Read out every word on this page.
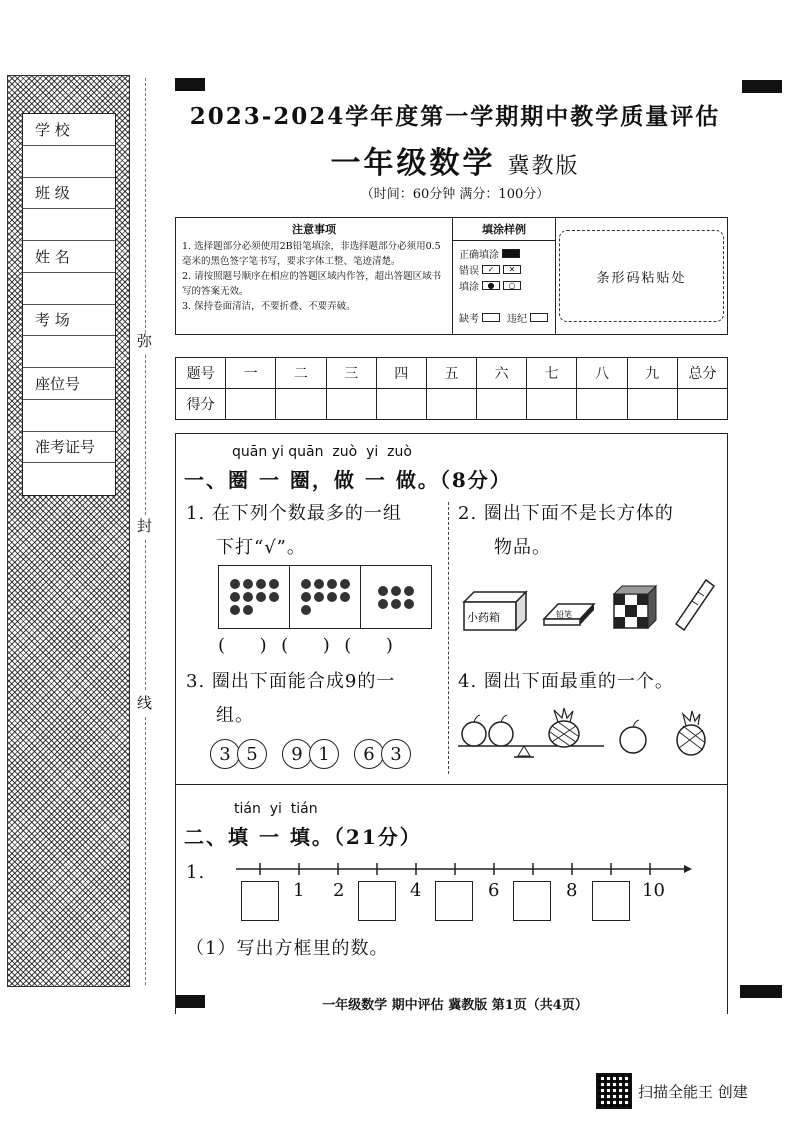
学 校
班 级
姓 名
考 场
座位号
准考证号
弥
封
线
2023-2024学年度第一学期期中教学质量评估
一年级数学 冀教版
（时间：60分钟 满分：100分）
注意事项
1. 选择题部分必须使用2B铅笔填涂，非选择题部分必须用0.5毫米的黑色签字笔书写，要求字体工整、笔迹清楚。
2. 请按照题号顺序在相应的答题区域内作答，超出答题区域书写的答案无效。
3. 保持卷面清洁，不要折叠、不要弄破。
填涂样例
正确填涂
错误	✓	✕
填涂	●	○
缺考	违纪
条形码粘贴处
题号	一	二	三	四	五	六	七	八	九	总分
得分										
quān yi quān  zuò  yi  zuò
一、圈 一 圈，做 一 做。（8分）
1. 在下列个数最多的一组
下打“√”。
(     )  (     )  (     )
2. 圈出下面不是长方体的
物品。
小药箱	铅笔
3. 圈出下面能合成9的一
组。
3 5	9 1	6 3
4. 圈出下面最重的一个。
tián  yi  tián
二、填 一 填。（21分）
1.
1 2	4	6	8	10
（1）写出方框里的数。
一年级数学 期中评估 冀教版 第1页（共4页）
扫描全能王 创建
